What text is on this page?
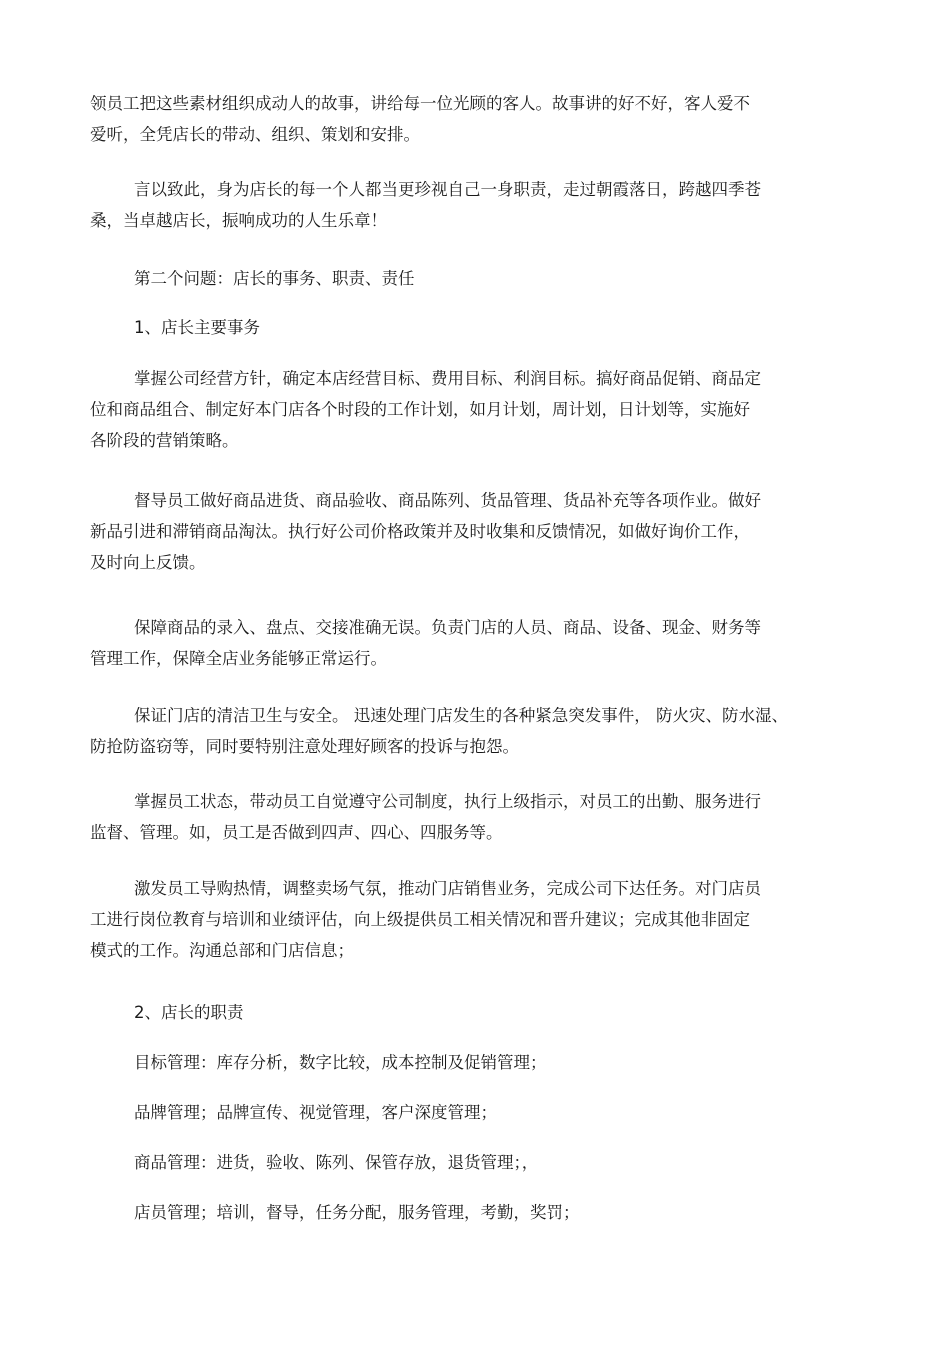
领员工把这些素材组织成动人的故事，讲给每一位光顾的客人。故事讲的好不好，客人爱不
爱听，全凭店长的带动、组织、策划和安排。

言以致此，身为店长的每一个人都当更珍视自己一身职责，走过朝霞落日，跨越四季苍
桑，当卓越店长，振响成功的人生乐章！

第二个问题：店长的事务、职责、责任

1、店长主要事务

掌握公司经营方针，确定本店经营目标、费用目标、利润目标。搞好商品促销、商品定
位和商品组合、制定好本门店各个时段的工作计划，如月计划，周计划，日计划等，实施好
各阶段的营销策略。

督导员工做好商品进货、商品验收、商品陈列、货品管理、货品补充等各项作业。做好
新品引进和滞销商品淘汰。执行好公司价格政策并及时收集和反馈情况，如做好询价工作，
及时向上反馈。

保障商品的录入、盘点、交接准确无误。负责门店的人员、商品、设备、现金、财务等
管理工作，保障全店业务能够正常运行。

保证门店的清洁卫生与安全。 迅速处理门店发生的各种紧急突发事件， 防火灾、防水湿、
防抢防盗窃等，同时要特别注意处理好顾客的投诉与抱怨。

掌握员工状态，带动员工自觉遵守公司制度，执行上级指示，对员工的出勤、服务进行
监督、管理。如，员工是否做到四声、四心、四服务等。

激发员工导购热情，调整卖场气氛，推动门店销售业务，完成公司下达任务。对门店员
工进行岗位教育与培训和业绩评估，向上级提供员工相关情况和晋升建议；完成其他非固定
模式的工作。沟通总部和门店信息；

2、店长的职责

目标管理：库存分析，数字比较，成本控制及促销管理；

品牌管理；品牌宣传、视觉管理，客户深度管理；

商品管理：进货，验收、陈列、保管存放，退货管理；，

店员管理；培训，督导，任务分配，服务管理，考勤，奖罚；
